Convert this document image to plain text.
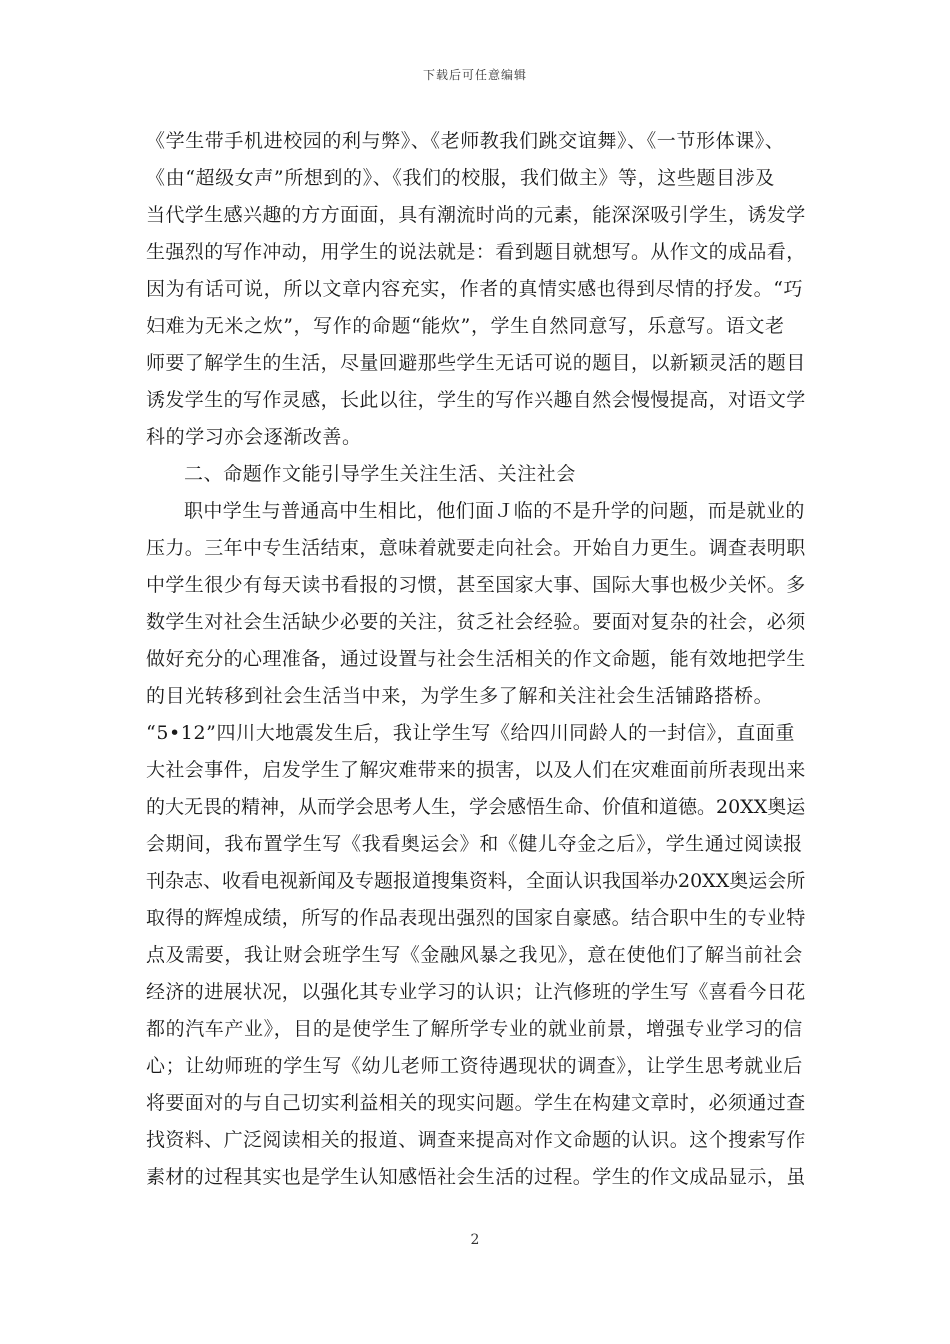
下载后可任意编辑
《学生带手机进校园的利与弊》、《老师教我们跳交谊舞》、《一节形体课》、
《由“超级女声”所想到的》、《我们的校服，我们做主》等，这些题目涉及
当代学生感兴趣的方方面面，具有潮流时尚的元素，能深深吸引学生，诱发学
生强烈的写作冲动，用学生的说法就是：看到题目就想写。从作文的成品看，
因为有话可说，所以文章内容充实，作者的真情实感也得到尽情的抒发。“巧
妇难为无米之炊”，写作的命题“能炊”，学生自然同意写，乐意写。语文老
师要了解学生的生活，尽量回避那些学生无话可说的题目，以新颖灵活的题目
诱发学生的写作灵感，长此以往，学生的写作兴趣自然会慢慢提高，对语文学
科的学习亦会逐渐改善。
二、命题作文能引导学生关注生活、关注社会
职中学生与普通高中生相比，他们面Ｊ临的不是升学的问题，而是就业的
压力。三年中专生活结束，意味着就要走向社会。开始自力更生。调查表明职
中学生很少有每天读书看报的习惯，甚至国家大事、国际大事也极少关怀。多
数学生对社会生活缺少必要的关注，贫乏社会经验。要面对复杂的社会，必须
做好充分的心理准备，通过设置与社会生活相关的作文命题，能有效地把学生
的目光转移到社会生活当中来，为学生多了解和关注社会生活铺路搭桥。
“5•12”四川大地震发生后，我让学生写《给四川同龄人的一封信》，直面重
大社会事件，启发学生了解灾难带来的损害，以及人们在灾难面前所表现出来
的大无畏的精神，从而学会思考人生，学会感悟生命、价值和道德。20XX奥运
会期间，我布置学生写《我看奥运会》和《健儿夺金之后》，学生通过阅读报
刊杂志、收看电视新闻及专题报道搜集资料，全面认识我国举办20XX奥运会所
取得的辉煌成绩，所写的作品表现出强烈的国家自豪感。结合职中生的专业特
点及需要，我让财会班学生写《金融风暴之我见》，意在使他们了解当前社会
经济的进展状况，以强化其专业学习的认识；让汽修班的学生写《喜看今日花
都的汽车产业》，目的是使学生了解所学专业的就业前景，增强专业学习的信
心；让幼师班的学生写《幼儿老师工资待遇现状的调查》，让学生思考就业后
将要面对的与自己切实利益相关的现实问题。学生在构建文章时，必须通过查
找资料、广泛阅读相关的报道、调查来提高对作文命题的认识。这个搜索写作
素材的过程其实也是学生认知感悟社会生活的过程。学生的作文成品显示，虽
2
